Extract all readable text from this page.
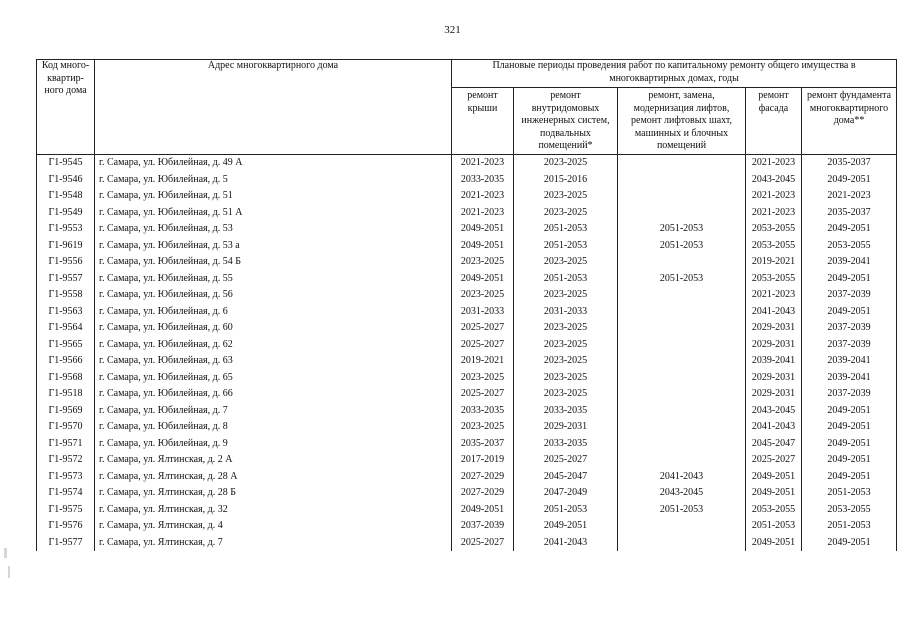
321
Код много-квартир-ного дома	Адрес многоквартирного дома	Плановые периоды проведения работ по капитальному ремонту общего имущества в многоквартирных домах, годы				
		ремонт крыши	ремонт внутридомовых инженерных систем, подвальных помещений*	ремонт, замена, модернизация лифтов, ремонт лифтовых шахт, машинных и блочных помещений	ремонт фасада	ремонт фундамента многоквартирного дома**
Г1-9545	г. Самара, ул. Юбилейная, д. 49 А	2021-2023	2023-2025		2021-2023	2035-2037
Г1-9546	г. Самара, ул. Юбилейная, д. 5	2033-2035	2015-2016		2043-2045	2049-2051
Г1-9548	г. Самара, ул. Юбилейная, д. 51	2021-2023	2023-2025		2021-2023	2021-2023
Г1-9549	г. Самара, ул. Юбилейная, д. 51 А	2021-2023	2023-2025		2021-2023	2035-2037
Г1-9553	г. Самара, ул. Юбилейная, д. 53	2049-2051	2051-2053	2051-2053	2053-2055	2049-2051
Г1-9619	г. Самара, ул. Юбилейная, д. 53 а	2049-2051	2051-2053	2051-2053	2053-2055	2053-2055
Г1-9556	г. Самара, ул. Юбилейная, д. 54 Б	2023-2025	2023-2025		2019-2021	2039-2041
Г1-9557	г. Самара, ул. Юбилейная, д. 55	2049-2051	2051-2053	2051-2053	2053-2055	2049-2051
Г1-9558	г. Самара, ул. Юбилейная, д. 56	2023-2025	2023-2025		2021-2023	2037-2039
Г1-9563	г. Самара, ул. Юбилейная, д. 6	2031-2033	2031-2033		2041-2043	2049-2051
Г1-9564	г. Самара, ул. Юбилейная, д. 60	2025-2027	2023-2025		2029-2031	2037-2039
Г1-9565	г. Самара, ул. Юбилейная, д. 62	2025-2027	2023-2025		2029-2031	2037-2039
Г1-9566	г. Самара, ул. Юбилейная, д. 63	2019-2021	2023-2025		2039-2041	2039-2041
Г1-9568	г. Самара, ул. Юбилейная, д. 65	2023-2025	2023-2025		2029-2031	2039-2041
Г1-9518	г. Самара, ул. Юбилейная, д. 66	2025-2027	2023-2025		2029-2031	2037-2039
Г1-9569	г. Самара, ул. Юбилейная, д. 7	2033-2035	2033-2035		2043-2045	2049-2051
Г1-9570	г. Самара, ул. Юбилейная, д. 8	2023-2025	2029-2031		2041-2043	2049-2051
Г1-9571	г. Самара, ул. Юбилейная, д. 9	2035-2037	2033-2035		2045-2047	2049-2051
Г1-9572	г. Самара, ул. Ялтинская, д. 2 А	2017-2019	2025-2027		2025-2027	2049-2051
Г1-9573	г. Самара, ул. Ялтинская, д. 28 А	2027-2029	2045-2047	2041-2043	2049-2051	2049-2051
Г1-9574	г. Самара, ул. Ялтинская, д. 28 Б	2027-2029	2047-2049	2043-2045	2049-2051	2051-2053
Г1-9575	г. Самара, ул. Ялтинская, д. 32	2049-2051	2051-2053	2051-2053	2053-2055	2053-2055
Г1-9576	г. Самара, ул. Ялтинская, д. 4	2037-2039	2049-2051		2051-2053	2051-2053
Г1-9577	г. Самара, ул. Ялтинская, д. 7	2025-2027	2041-2043		2049-2051	2049-2051
